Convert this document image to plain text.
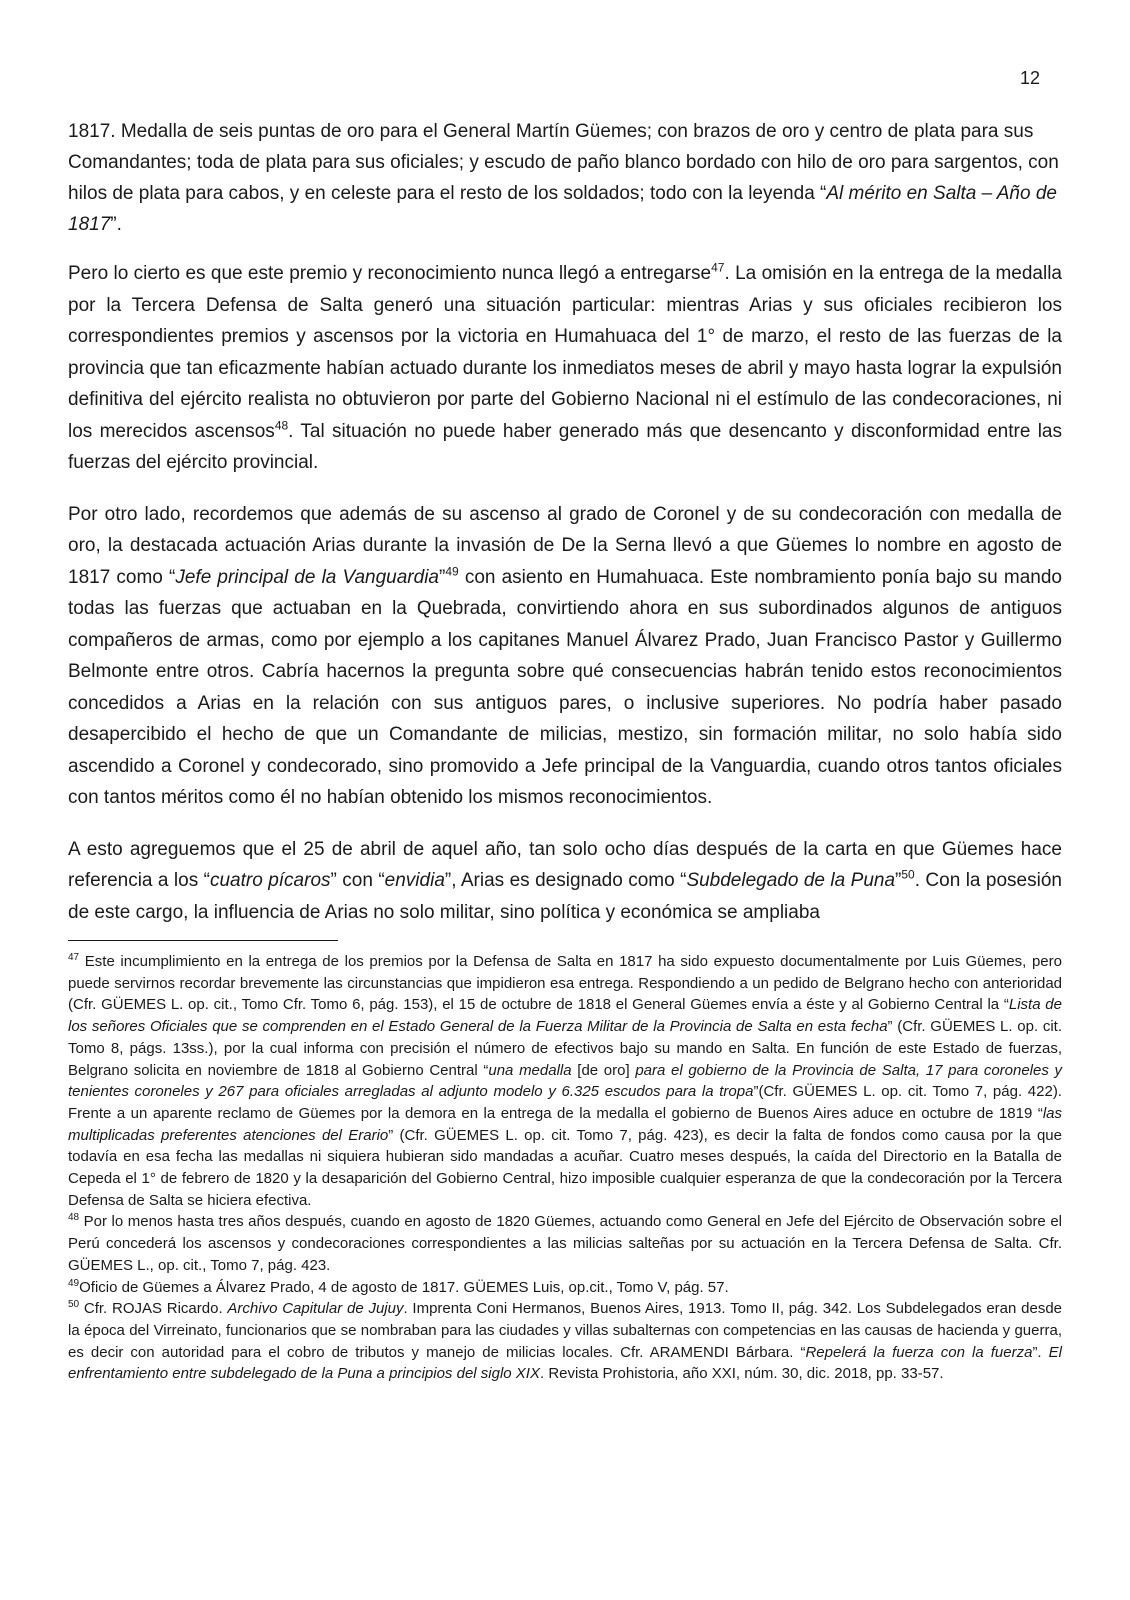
12

1817. Medalla de seis puntas de oro para el General Martín Güemes; con brazos de oro y centro de plata para sus Comandantes; toda de plata para sus oficiales; y escudo de paño blanco bordado con hilo de oro para sargentos, con hilos de plata para cabos, y en celeste para el resto de los soldados; todo con la leyenda “Al mérito en Salta – Año de 1817”.

Pero lo cierto es que este premio y reconocimiento nunca llegó a entregarse$^{47}$. La omisión en la entrega de la medalla por la Tercera Defensa de Salta generó una situación particular: mientras Arias y sus oficiales recibieron los correspondientes premios y ascensos por la victoria en Humahuaca del 1° de marzo, el resto de las fuerzas de la provincia que tan eficazmente habían actuado durante los inmediatos meses de abril y mayo hasta lograr la expulsión definitiva del ejército realista no obtuvieron por parte del Gobierno Nacional ni el estímulo de las condecoraciones, ni los merecidos ascensos$^{48}$. Tal situación no puede haber generado más que desencanto y disconformidad entre las fuerzas del ejército provincial.

Por otro lado, recordemos que además de su ascenso al grado de Coronel y de su condecoración con medalla de oro, la destacada actuación Arias durante la invasión de De la Serna llevó a que Güemes lo nombre en agosto de 1817 como “Jefe principal de la Vanguardia”$^{49}$ con asiento en Humahuaca. Este nombramiento ponía bajo su mando todas las fuerzas que actuaban en la Quebrada, convirtiendo ahora en sus subordinados algunos de antiguos compañeros de armas, como por ejemplo a los capitanes Manuel Álvarez Prado, Juan Francisco Pastor y Guillermo Belmonte entre otros. Cabría hacernos la pregunta sobre qué consecuencias habrán tenido estos reconocimientos concedidos a Arias en la relación con sus antiguos pares, o inclusive superiores. No podría haber pasado desapercibido el hecho de que un Comandante de milicias, mestizo, sin formación militar, no solo había sido ascendido a Coronel y condecorado, sino promovido a Jefe principal de la Vanguardia, cuando otros tantos oficiales con tantos méritos como él no habían obtenido los mismos reconocimientos.

A esto agreguemos que el 25 de abril de aquel año, tan solo ocho días después de la carta en que Güemes hace referencia a los “cuatro pícaros” con “envidia”, Arias es designado como “Subdelegado de la Puna”$^{50}$. Con la posesión de este cargo, la influencia de Arias no solo militar, sino política y económica se ampliaba

$^{47}$ Este incumplimiento en la entrega de los premios por la Defensa de Salta en 1817 ha sido expuesto documentalmente por Luis Güemes, pero puede servirnos recordar brevemente las circunstancias que impidieron esa entrega. Respondiendo a un pedido de Belgrano hecho con anterioridad (Cfr. GÜEMES L. op. cit., Tomo Cfr. Tomo 6, pág. 153), el 15 de octubre de 1818 el General Güemes envía a éste y al Gobierno Central la “Lista de los señores Oficiales que se comprenden en el Estado General de la Fuerza Militar de la Provincia de Salta en esta fecha” (Cfr. GÜEMES L. op. cit. Tomo 8, págs. 13ss.), por la cual informa con precisión el número de efectivos bajo su mando en Salta. En función de este Estado de fuerzas, Belgrano solicita en noviembre de 1818 al Gobierno Central “una medalla [de oro] para el gobierno de la Provincia de Salta, 17 para coroneles y tenientes coroneles y 267 para oficiales arregladas al adjunto modelo y 6.325 escudos para la tropa”(Cfr. GÜEMES L. op. cit. Tomo 7, pág. 422). Frente a un aparente reclamo de Güemes por la demora en la entrega de la medalla el gobierno de Buenos Aires aduce en octubre de 1819 “las multiplicadas preferentes atenciones del Erario” (Cfr. GÜEMES L. op. cit. Tomo 7, pág. 423), es decir la falta de fondos como causa por la que todavía en esa fecha las medallas ni siquiera hubieran sido mandadas a acuñar. Cuatro meses después, la caída del Directorio en la Batalla de Cepeda el 1° de febrero de 1820 y la desaparición del Gobierno Central, hizo imposible cualquier esperanza de que la condecoración por la Tercera Defensa de Salta se hiciera efectiva.

$^{48}$ Por lo menos hasta tres años después, cuando en agosto de 1820 Güemes, actuando como General en Jefe del Ejército de Observación sobre el Perú concederá los ascensos y condecoraciones correspondientes a las milicias salteñas por su actuación en la Tercera Defensa de Salta. Cfr. GÜEMES L., op. cit., Tomo 7, pág. 423.

$^{49}$Oficio de Güemes a Álvarez Prado, 4 de agosto de 1817. GÜEMES Luis, op.cit., Tomo V, pág. 57.

$^{50}$ Cfr. ROJAS Ricardo. Archivo Capitular de Jujuy. Imprenta Coni Hermanos, Buenos Aires, 1913. Tomo II, pág. 342. Los Subdelegados eran desde la época del Virreinato, funcionarios que se nombraban para las ciudades y villas subalternas con competencias en las causas de hacienda y guerra, es decir con autoridad para el cobro de tributos y manejo de milicias locales. Cfr. ARAMENDI Bárbara. “Repelerá la fuerza con la fuerza”. El enfrentamiento entre subdelegado de la Puna a principios del siglo XIX. Revista Prohistoria, año XXI, núm. 30, dic. 2018, pp. 33-57.
